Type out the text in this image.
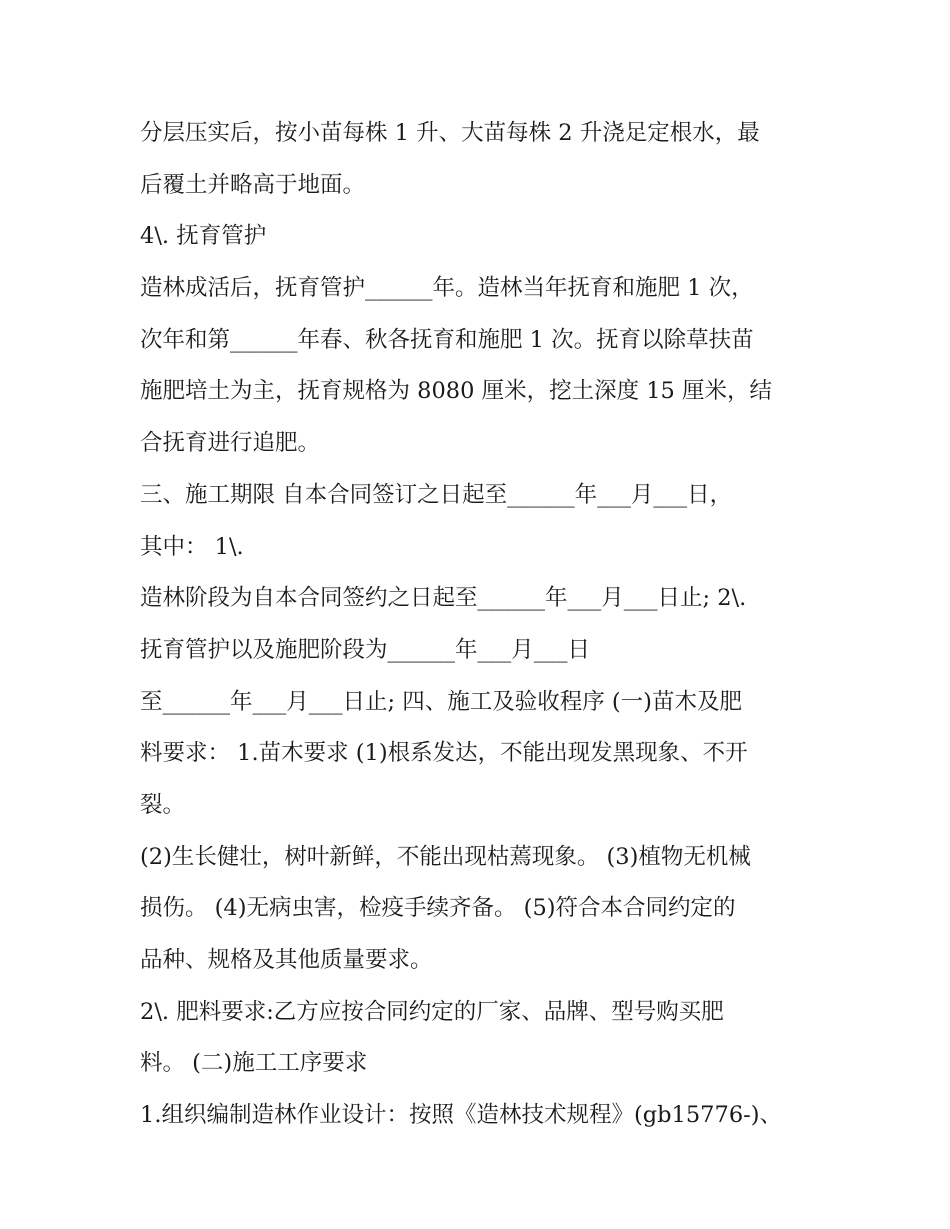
分层压实后，按小苗每株 1 升、大苗每株 2 升浇足定根水，最
后覆土并略高于地面。
4\. 抚育管护
造林成活后，抚育管护______年。造林当年抚育和施肥 1 次，
次年和第______年春、秋各抚育和施肥 1 次。抚育以除草扶苗
施肥培土为主，抚育规格为 8080 厘米，挖土深度 15 厘米，结
合抚育进行追肥。
三、施工期限 自本合同签订之日起至______年___月___日，
其中： 1\.
造林阶段为自本合同签约之日起至______年___月___日止; 2\.
抚育管护以及施肥阶段为______年___月___日
至______年___月___日止; 四、施工及验收程序 (一)苗木及肥
料要求： 1.苗木要求 (1)根系发达，不能出现发黑现象、不开
裂。
(2)生长健壮，树叶新鲜，不能出现枯蔫现象。 (3)植物无机械
损伤。 (4)无病虫害，检疫手续齐备。 (5)符合本合同约定的
品种、规格及其他质量要求。
2\. 肥料要求:乙方应按合同约定的厂家、品牌、型号购买肥
料。 (二)施工工序要求
1.组织编制造林作业设计：按照《造林技术规程》(gb15776-)、
